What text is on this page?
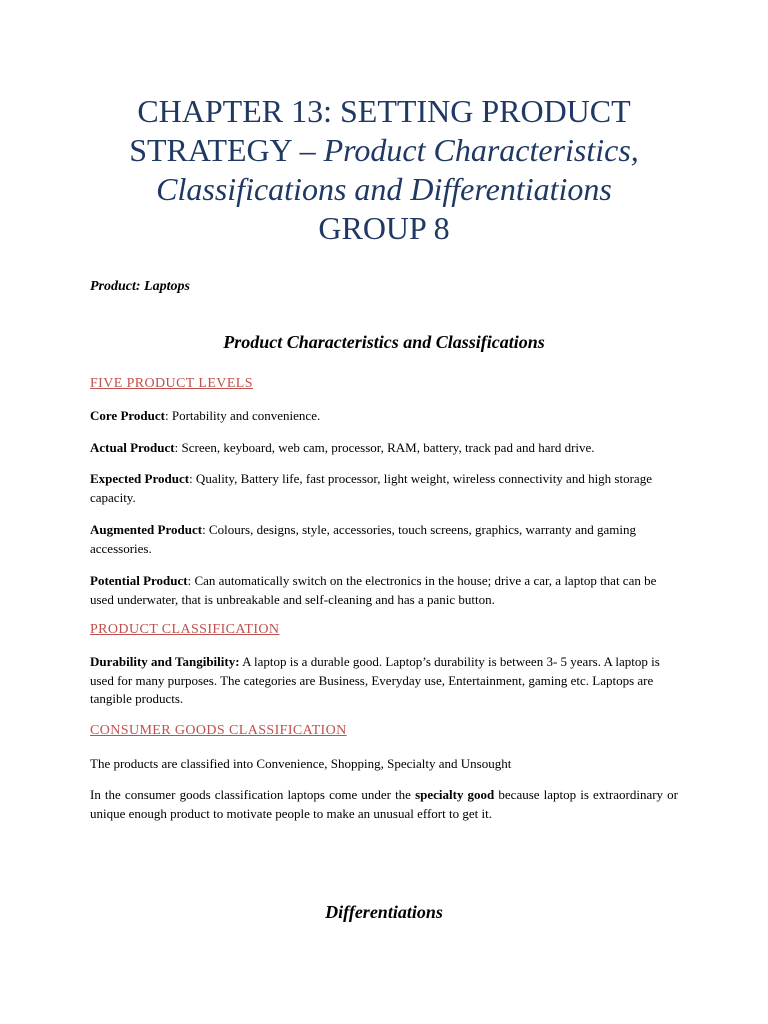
CHAPTER 13: SETTING PRODUCT
STRATEGY – Product Characteristics,
Classifications and Differentiations
GROUP 8
Product: Laptops
Product Characteristics and Classifications
FIVE PRODUCT LEVELS
Core Product: Portability and convenience.
Actual Product: Screen, keyboard, web cam, processor, RAM, battery, track pad and hard drive.
Expected Product: Quality, Battery life, fast processor, light weight, wireless connectivity and high storage capacity.
Augmented Product: Colours, designs, style, accessories, touch screens, graphics, warranty and gaming accessories.
Potential Product: Can automatically switch on the electronics in the house; drive a car, a laptop that can be used underwater, that is unbreakable and self-cleaning and has a panic button.
PRODUCT CLASSIFICATION
Durability and Tangibility: A laptop is a durable good. Laptop’s durability is between 3- 5 years. A laptop is used for many purposes. The categories are Business, Everyday use, Entertainment, gaming etc. Laptops are tangible products.
CONSUMER GOODS CLASSIFICATION
The products are classified into Convenience, Shopping, Specialty and Unsought
In the consumer goods classification laptops come under the specialty good because laptop is extraordinary or unique enough product to motivate people to make an unusual effort to get it.
Differentiations
